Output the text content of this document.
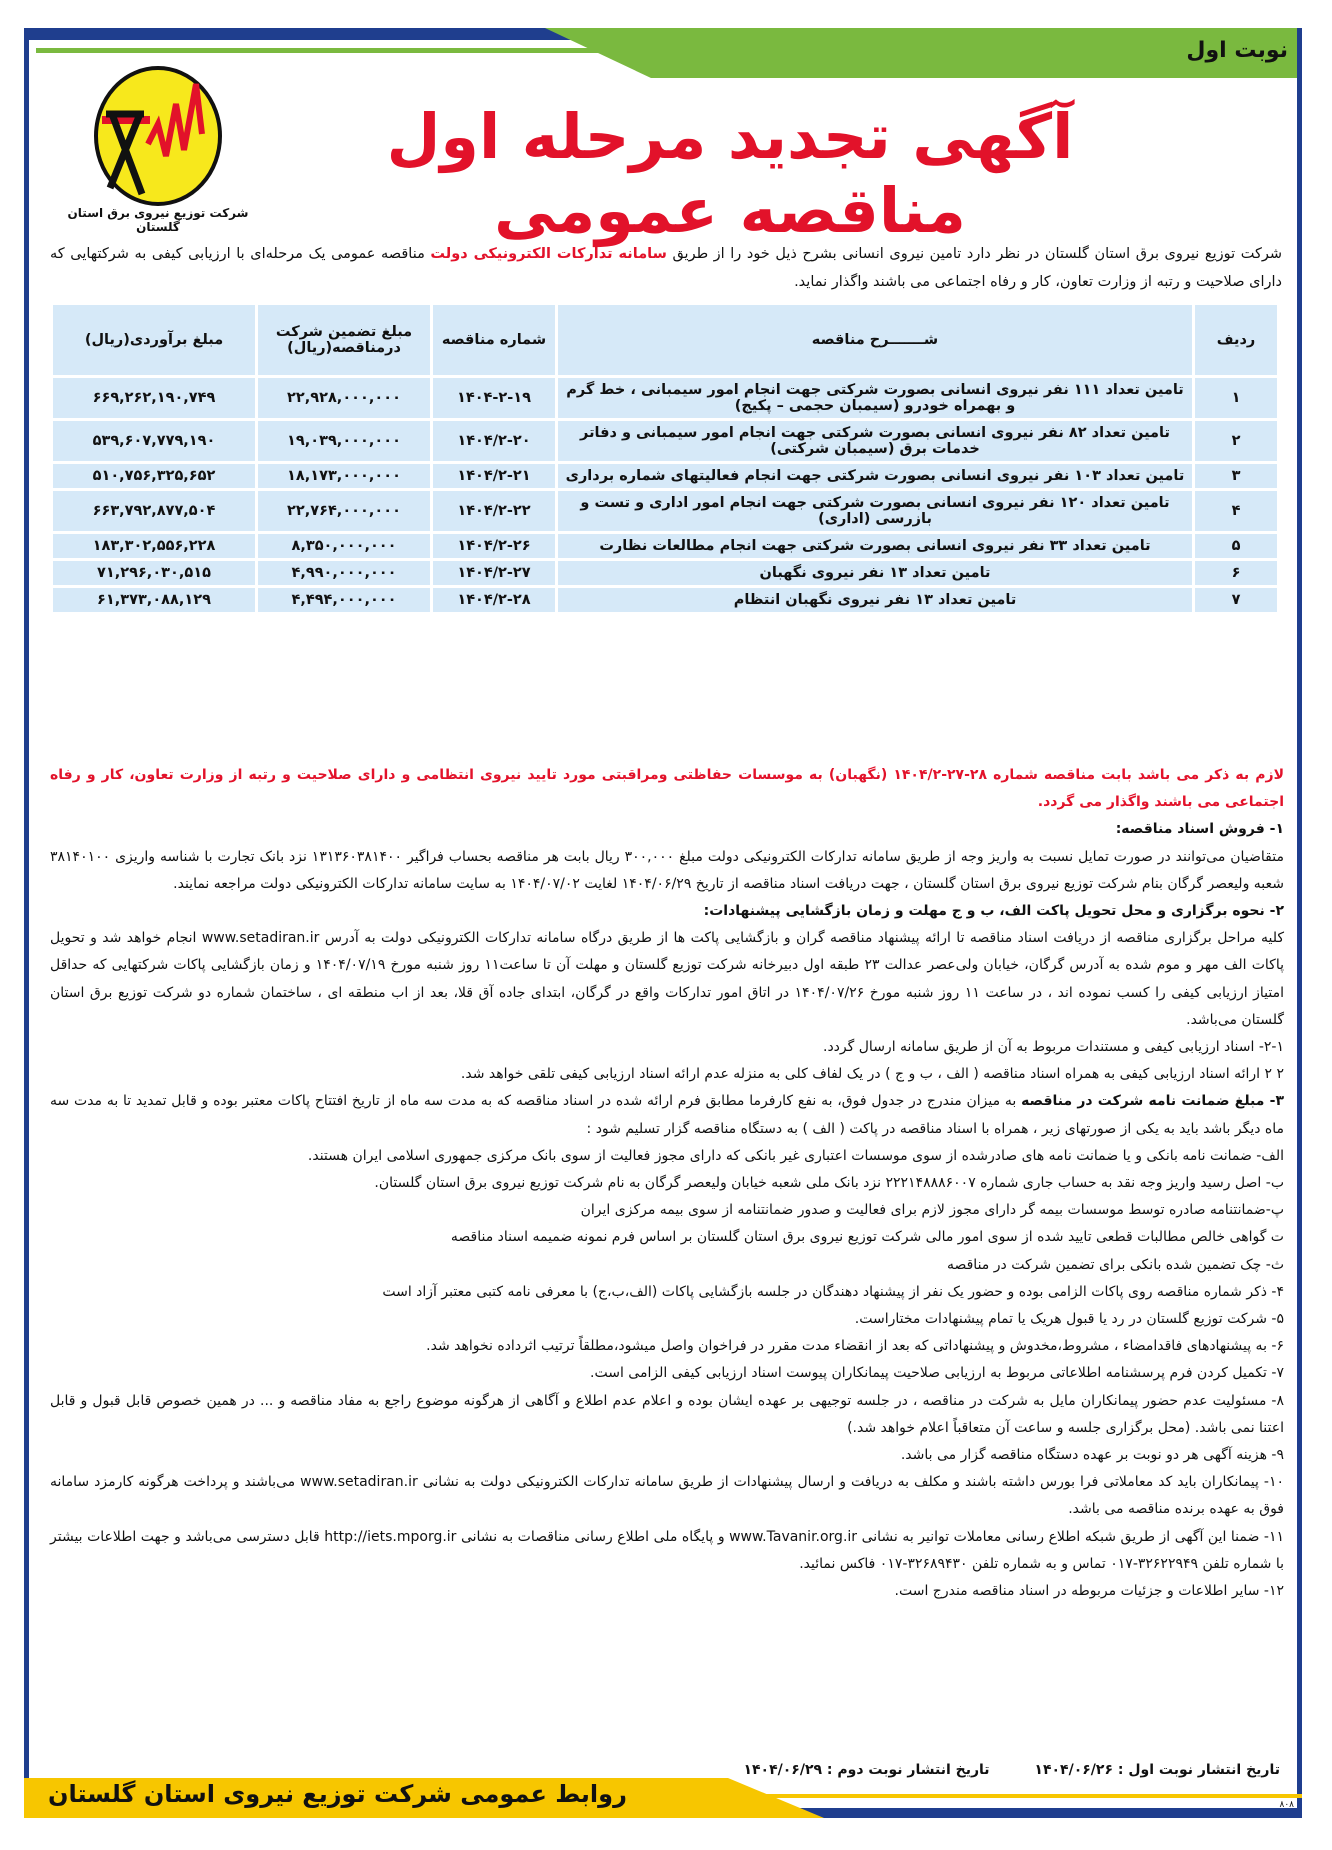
نوبت اول
شرکت توزیع نیروی برق استان گلستان
آگهی تجدید مرحله اول مناقصه عمومی
شرکت توزیع نیروی برق استان گلستان در نظر دارد تامین نیروی انسانی بشرح ذیل خود را از طریق سامانه تدارکات الکترونیکی دولت مناقصه عمومی یک مرحله‌ای با ارزیابی کیفی به شرکتهایی که دارای صلاحیت و رتبه از وزارت تعاون، کار و رفاه اجتماعی می باشند واگذار نماید.
ردیف	شـــــــرح مناقصه	شماره مناقصه	مبلغ تضمین شرکت درمناقصه(ریال)	مبلغ برآوردی(ریال)
۱	تامین تعداد ۱۱۱ نفر نیروی انسانی بصورت شرکتی جهت انجام امور سیمبانی ، خط گرم و بهمراه خودرو (سیمبان حجمی – پکیج)	۱۴۰۴-۲-۱۹	۲۲,۹۲۸,۰۰۰,۰۰۰	۶۶۹,۲۶۲,۱۹۰,۷۴۹
۲	تامین تعداد ۸۲ نفر نیروی انسانی بصورت شرکتی جهت انجام امور سیمبانی و دفاتر خدمات برق (سیمبان شرکتی)	۱۴۰۴/۲-۲۰	۱۹,۰۳۹,۰۰۰,۰۰۰	۵۳۹,۶۰۷,۷۷۹,۱۹۰
۳	تامین تعداد ۱۰۳ نفر نیروی انسانی بصورت شرکتی جهت انجام فعالیتهای شماره برداری	۱۴۰۴/۲-۲۱	۱۸,۱۷۳,۰۰۰,۰۰۰	۵۱۰,۷۵۶,۳۲۵,۶۵۲
۴	تامین تعداد ۱۲۰ نفر نیروی انسانی بصورت شرکتی جهت انجام امور اداری و تست و بازرسی (اداری)	۱۴۰۴/۲-۲۲	۲۲,۷۶۴,۰۰۰,۰۰۰	۶۶۳,۷۹۲,۸۷۷,۵۰۴
۵	تامین تعداد ۳۳ نفر نیروی انسانی بصورت شرکتی جهت انجام مطالعات نظارت	۱۴۰۴/۲-۲۶	۸,۳۵۰,۰۰۰,۰۰۰	۱۸۳,۳۰۲,۵۵۶,۲۲۸
۶	تامین تعداد ۱۳ نفر نیروی نگهبان	۱۴۰۴/۲-۲۷	۴,۹۹۰,۰۰۰,۰۰۰	۷۱,۲۹۶,۰۳۰,۵۱۵
۷	تامین تعداد ۱۳ نفر نیروی نگهبان انتظام	۱۴۰۴/۲-۲۸	۴,۴۹۴,۰۰۰,۰۰۰	۶۱,۳۷۳,۰۸۸,۱۲۹

لازم به ذکر می باشد بابت مناقصه شماره ۲۸-۲۷-۱۴۰۴/۲ (نگهبان) به موسسات حفاظتی ومراقبتی مورد تایید نیروی انتظامی و دارای صلاحیت و رتبه از وزارت تعاون، کار و رفاه اجتماعی می باشند واگذار می گردد.

۱- فروش اسناد مناقصه:

متقاضیان می‌توانند در صورت تمایل نسبت به واریز وجه از طریق سامانه تدارکات الکترونیکی دولت مبلغ ۳۰۰,۰۰۰ ریال بابت هر مناقصه بحساب فراگیر ۱۳۱۳۶۰۳۸۱۴۰۰ نزد بانک تجارت با شناسه واریزی ۳۸۱۴۰۱۰۰ شعبه ولیعصر گرگان بنام شرکت توزیع نیروی برق استان گلستان ، جهت دریافت اسناد مناقصه از تاریخ ۱۴۰۴/۰۶/۲۹ لغایت ۱۴۰۴/۰۷/۰۲ به سایت سامانه تدارکات الکترونیکی دولت مراجعه نمایند.

۲- نحوه برگزاری و محل تحویل پاکت الف، ب و ج مهلت و زمان بازگشایی پیشنهادات:

کلیه مراحل برگزاری مناقصه از دریافت اسناد مناقصه تا ارائه پیشنهاد مناقصه گران و بازگشایی پاکت ها از طریق درگاه سامانه تدارکات الکترونیکی دولت به آدرس www.setadiran.ir انجام خواهد شد و تحویل پاکات الف مهر و موم شده به آدرس گرگان، خیابان ولی‌عصر عدالت ۲۳ طبقه اول دبیرخانه شرکت توزیع گلستان و مهلت آن تا ساعت۱۱ روز شنبه مورخ ۱۴۰۴/۰۷/۱۹ و زمان بازگشایی پاکات شرکتهایی که حداقل امتیاز ارزیابی کیفی را کسب نموده اند ، در ساعت ۱۱ روز شنبه مورخ ۱۴۰۴/۰۷/۲۶ در اتاق امور تدارکات واقع در گرگان، ابتدای جاده آق قلا، بعد از اب منطقه ای ، ساختمان شماره دو شرکت توزیع برق استان گلستان می‌باشد.

۲-۱- اسناد ارزیابی کیفی و مستندات مربوط به آن از طریق سامانه ارسال گردد.

۲ ۲ ارائه اسناد ارزیابی کیفی به همراه اسناد مناقصه ( الف ، ب و ج ) در یک لفاف کلی به منزله عدم ارائه اسناد ارزیابی کیفی تلقی خواهد شد.

۳- مبلغ ضمانت نامه شرکت در مناقصه به میزان مندرج در جدول فوق، به نفع کارفرما مطابق فرم ارائه شده در اسناد مناقصه که به مدت سه ماه از تاریخ افتتاح پاکات معتبر بوده و قابل تمدید تا به مدت سه ماه دیگر باشد باید به یکی از صورتهای زیر ، همراه با اسناد مناقصه در پاکت ( الف ) به دستگاه مناقصه گزار تسلیم شود :

الف- ضمانت نامه بانکی و یا ضمانت نامه های صادرشده از سوی موسسات اعتباری غیر بانکی که دارای مجوز فعالیت از سوی بانک مرکزی جمهوری اسلامی ایران هستند.

ب- اصل رسید واریز وجه نقد به حساب جاری شماره ۲۲۲۱۴۸۸۸۶۰۰۷ نزد بانک ملی شعبه خیابان ولیعصر گرگان به نام شرکت توزیع نیروی برق استان گلستان.

پ-ضمانتنامه صادره توسط موسسات بیمه گر دارای مجوز لازم برای فعالیت و صدور ضمانتنامه از سوی بیمه مرکزی ایران

ت گواهی خالص مطالبات قطعی تایید شده از سوی امور مالی شرکت توزیع نیروی برق استان گلستان بر اساس فرم نمونه ضمیمه اسناد مناقصه

ث- چک تضمین شده بانکی برای تضمین شرکت در مناقصه

۴- ذکر شماره مناقصه روی پاکات الزامی بوده و حضور یک نفر از پیشنهاد دهندگان در جلسه بازگشایی پاکات (الف،ب،ج) با معرفی نامه کتبی معتبر آزاد است

۵- شرکت توزیع گلستان در رد یا قبول هریک یا تمام پیشنهادات مختاراست.

۶- به پیشنهادهای فاقدامضاء ، مشروط،مخدوش و پیشنهاداتی که بعد از انقضاء مدت مقرر در فراخوان واصل میشود،مطلقاً ترتیب اثرداده نخواهد شد.

۷- تکمیل کردن فرم پرسشنامه اطلاعاتی مربوط به ارزیابی صلاحیت پیمانکاران پیوست اسناد ارزیابی کیفی الزامی است.

۸- مسئولیت عدم حضور پیمانکاران مایل به شرکت در مناقصه ، در جلسه توجیهی بر عهده ایشان بوده و اعلام عدم اطلاع و آگاهی از هرگونه موضوع راجع به مفاد مناقصه و ... در همین خصوص قابل قبول و قابل اعتنا نمی باشد. (محل برگزاری جلسه و ساعت آن متعاقباً اعلام خواهد شد.)

۹- هزینه آگهی هر دو نوبت بر عهده دستگاه مناقصه گزار می باشد.

۱۰- پیمانکاران باید کد معاملاتی فرا بورس داشته باشند و مکلف به دریافت و ارسال پیشنهادات از طریق سامانه تدارکات الکترونیکی دولت به نشانی www.setadiran.ir می‌باشند و پرداخت هرگونه کارمزد سامانه فوق به عهده برنده مناقصه می باشد.

۱۱- ضمنا این آگهی از طریق شبکه اطلاع رسانی معاملات توانیر به نشانی www.Tavanir.org.ir و پایگاه ملی اطلاع رسانی مناقصات به نشانی http://iets.mporg.ir قابل دسترسی می‌باشد و جهت اطلاعات بیشتر با شماره تلفن ۳۲۶۲۲۹۴۹-۰۱۷ تماس و به شماره تلفن ۳۲۶۸۹۴۳۰-۰۱۷ فاکس نمائید.

۱۲- سایر اطلاعات و جزئیات مربوطه در اسناد مناقصه مندرج است.

تاریخ انتشار نوبت اول : ۱۴۰۴/۰۶/۲۶ تاریخ انتشار نوبت دوم : ۱۴۰۴/۰۶/۲۹
روابط عمومی شرکت توزیع نیروی استان گلستان	۸۰۸
